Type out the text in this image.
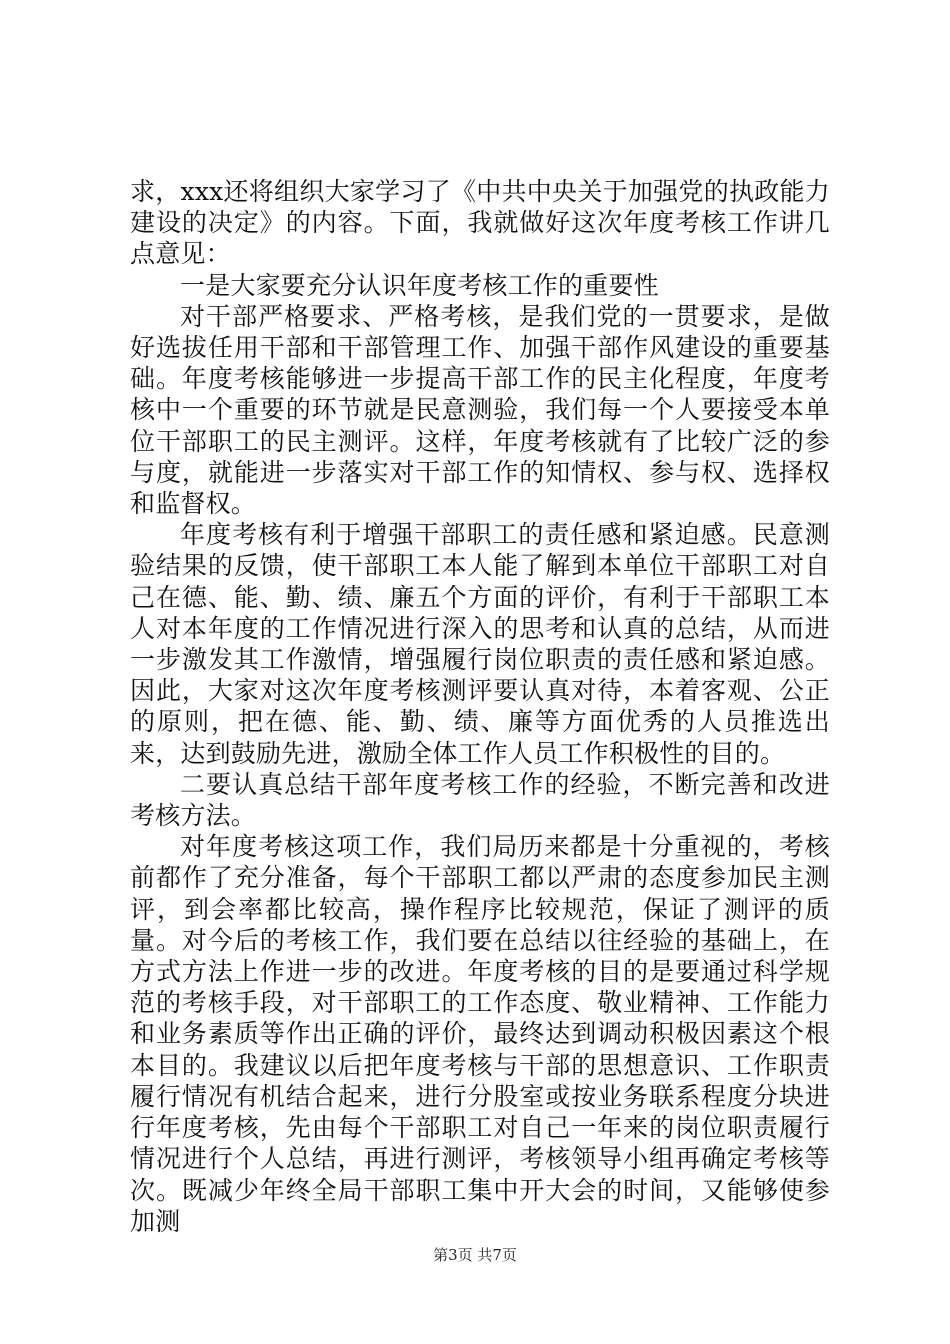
求，xxx还将组织大家学习了《中共中央关于加强党的执政能力建设的决定》的内容。下面，我就做好这次年度考核工作讲几点意见：

一是大家要充分认识年度考核工作的重要性

对干部严格要求、严格考核，是我们党的一贯要求，是做好选拔任用干部和干部管理工作、加强干部作风建设的重要基础。年度考核能够进一步提高干部工作的民主化程度，年度考核中一个重要的环节就是民意测验，我们每一个人要接受本单位干部职工的民主测评。这样，年度考核就有了比较广泛的参与度，就能进一步落实对干部工作的知情权、参与权、选择权和监督权。

年度考核有利于增强干部职工的责任感和紧迫感。民意测验结果的反馈，使干部职工本人能了解到本单位干部职工对自己在德、能、勤、绩、廉五个方面的评价，有利于干部职工本人对本年度的工作情况进行深入的思考和认真的总结，从而进一步激发其工作激情，增强履行岗位职责的责任感和紧迫感。因此，大家对这次年度考核测评要认真对待，本着客观、公正的原则，把在德、能、勤、绩、廉等方面优秀的人员推选出来，达到鼓励先进，激励全体工作人员工作积极性的目的。

二要认真总结干部年度考核工作的经验，不断完善和改进考核方法。

对年度考核这项工作，我们局历来都是十分重视的，考核前都作了充分准备，每个干部职工都以严肃的态度参加民主测评，到会率都比较高，操作程序比较规范，保证了测评的质量。对今后的考核工作，我们要在总结以往经验的基础上，在方式方法上作进一步的改进。年度考核的目的是要通过科学规范的考核手段，对干部职工的工作态度、敬业精神、工作能力和业务素质等作出正确的评价，最终达到调动积极因素这个根本目的。我建议以后把年度考核与干部的思想意识、工作职责履行情况有机结合起来，进行分股室或按业务联系程度分块进行年度考核，先由每个干部职工对自己一年来的岗位职责履行情况进行个人总结，再进行测评，考核领导小组再确定考核等次。既减少年终全局干部职工集中开大会的时间，又能够使参加测

第3页 共7页
